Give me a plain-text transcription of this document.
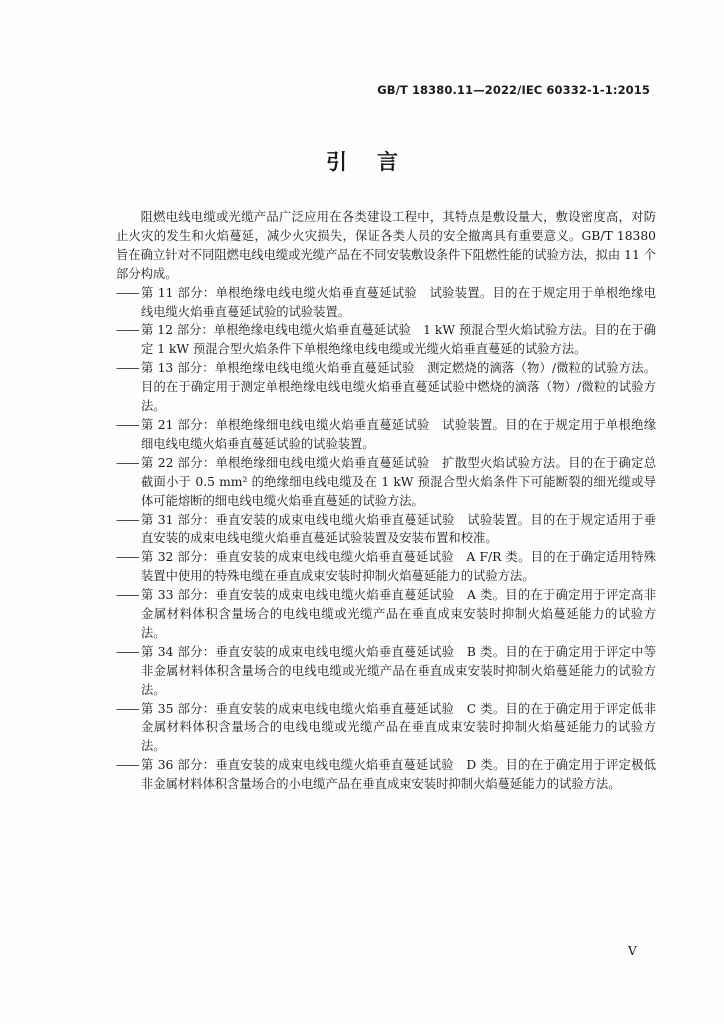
GB/T 18380.11—2022/IEC 60332-1-1:2015
引言

阻燃电线电缆或光缆产品广泛应用在各类建设工程中，其特点是敷设量大，敷设密度高，对防止火灾的发生和火焰蔓延，减少火灾损失，保证各类人员的安全撤离具有重要意义。GB/T 18380 旨在确立针对不同阻燃电线电缆或光缆产品在不同安装敷设条件下阻燃性能的试验方法，拟由 11 个部分构成。

—— 第 11 部分：单根绝缘电线电缆火焰垂直蔓延试验　试验装置。目的在于规定用于单根绝缘电线电缆火焰垂直蔓延试验的试验装置。

—— 第 12 部分：单根绝缘电线电缆火焰垂直蔓延试验　1 kW 预混合型火焰试验方法。目的在于确定 1 kW 预混合型火焰条件下单根绝缘电线电缆或光缆火焰垂直蔓延的试验方法。

—— 第 13 部分：单根绝缘电线电缆火焰垂直蔓延试验　测定燃烧的滴落（物）/微粒的试验方法。目的在于确定用于测定单根绝缘电线电缆火焰垂直蔓延试验中燃烧的滴落（物）/微粒的试验方法。

—— 第 21 部分：单根绝缘细电线电缆火焰垂直蔓延试验　试验装置。目的在于规定用于单根绝缘细电线电缆火焰垂直蔓延试验的试验装置。

—— 第 22 部分：单根绝缘细电线电缆火焰垂直蔓延试验　扩散型火焰试验方法。目的在于确定总截面小于 0.5 mm² 的绝缘细电线电缆及在 1 kW 预混合型火焰条件下可能断裂的细光缆或导体可能熔断的细电线电缆火焰垂直蔓延的试验方法。

—— 第 31 部分：垂直安装的成束电线电缆火焰垂直蔓延试验　试验装置。目的在于规定适用于垂直安装的成束电线电缆火焰垂直蔓延试验装置及安装布置和校准。

—— 第 32 部分：垂直安装的成束电线电缆火焰垂直蔓延试验　A F/R 类。目的在于确定适用特殊装置中使用的特殊电缆在垂直成束安装时抑制火焰蔓延能力的试验方法。

—— 第 33 部分：垂直安装的成束电线电缆火焰垂直蔓延试验　A 类。目的在于确定用于评定高非金属材料体积含量场合的电线电缆或光缆产品在垂直成束安装时抑制火焰蔓延能力的试验方法。

—— 第 34 部分：垂直安装的成束电线电缆火焰垂直蔓延试验　B 类。目的在于确定用于评定中等非金属材料体积含量场合的电线电缆或光缆产品在垂直成束安装时抑制火焰蔓延能力的试验方法。

—— 第 35 部分：垂直安装的成束电线电缆火焰垂直蔓延试验　C 类。目的在于确定用于评定低非金属材料体积含量场合的电线电缆或光缆产品在垂直成束安装时抑制火焰蔓延能力的试验方法。

—— 第 36 部分：垂直安装的成束电线电缆火焰垂直蔓延试验　D 类。目的在于确定用于评定极低非金属材料体积含量场合的小电缆产品在垂直成束安装时抑制火焰蔓延能力的试验方法。

V
